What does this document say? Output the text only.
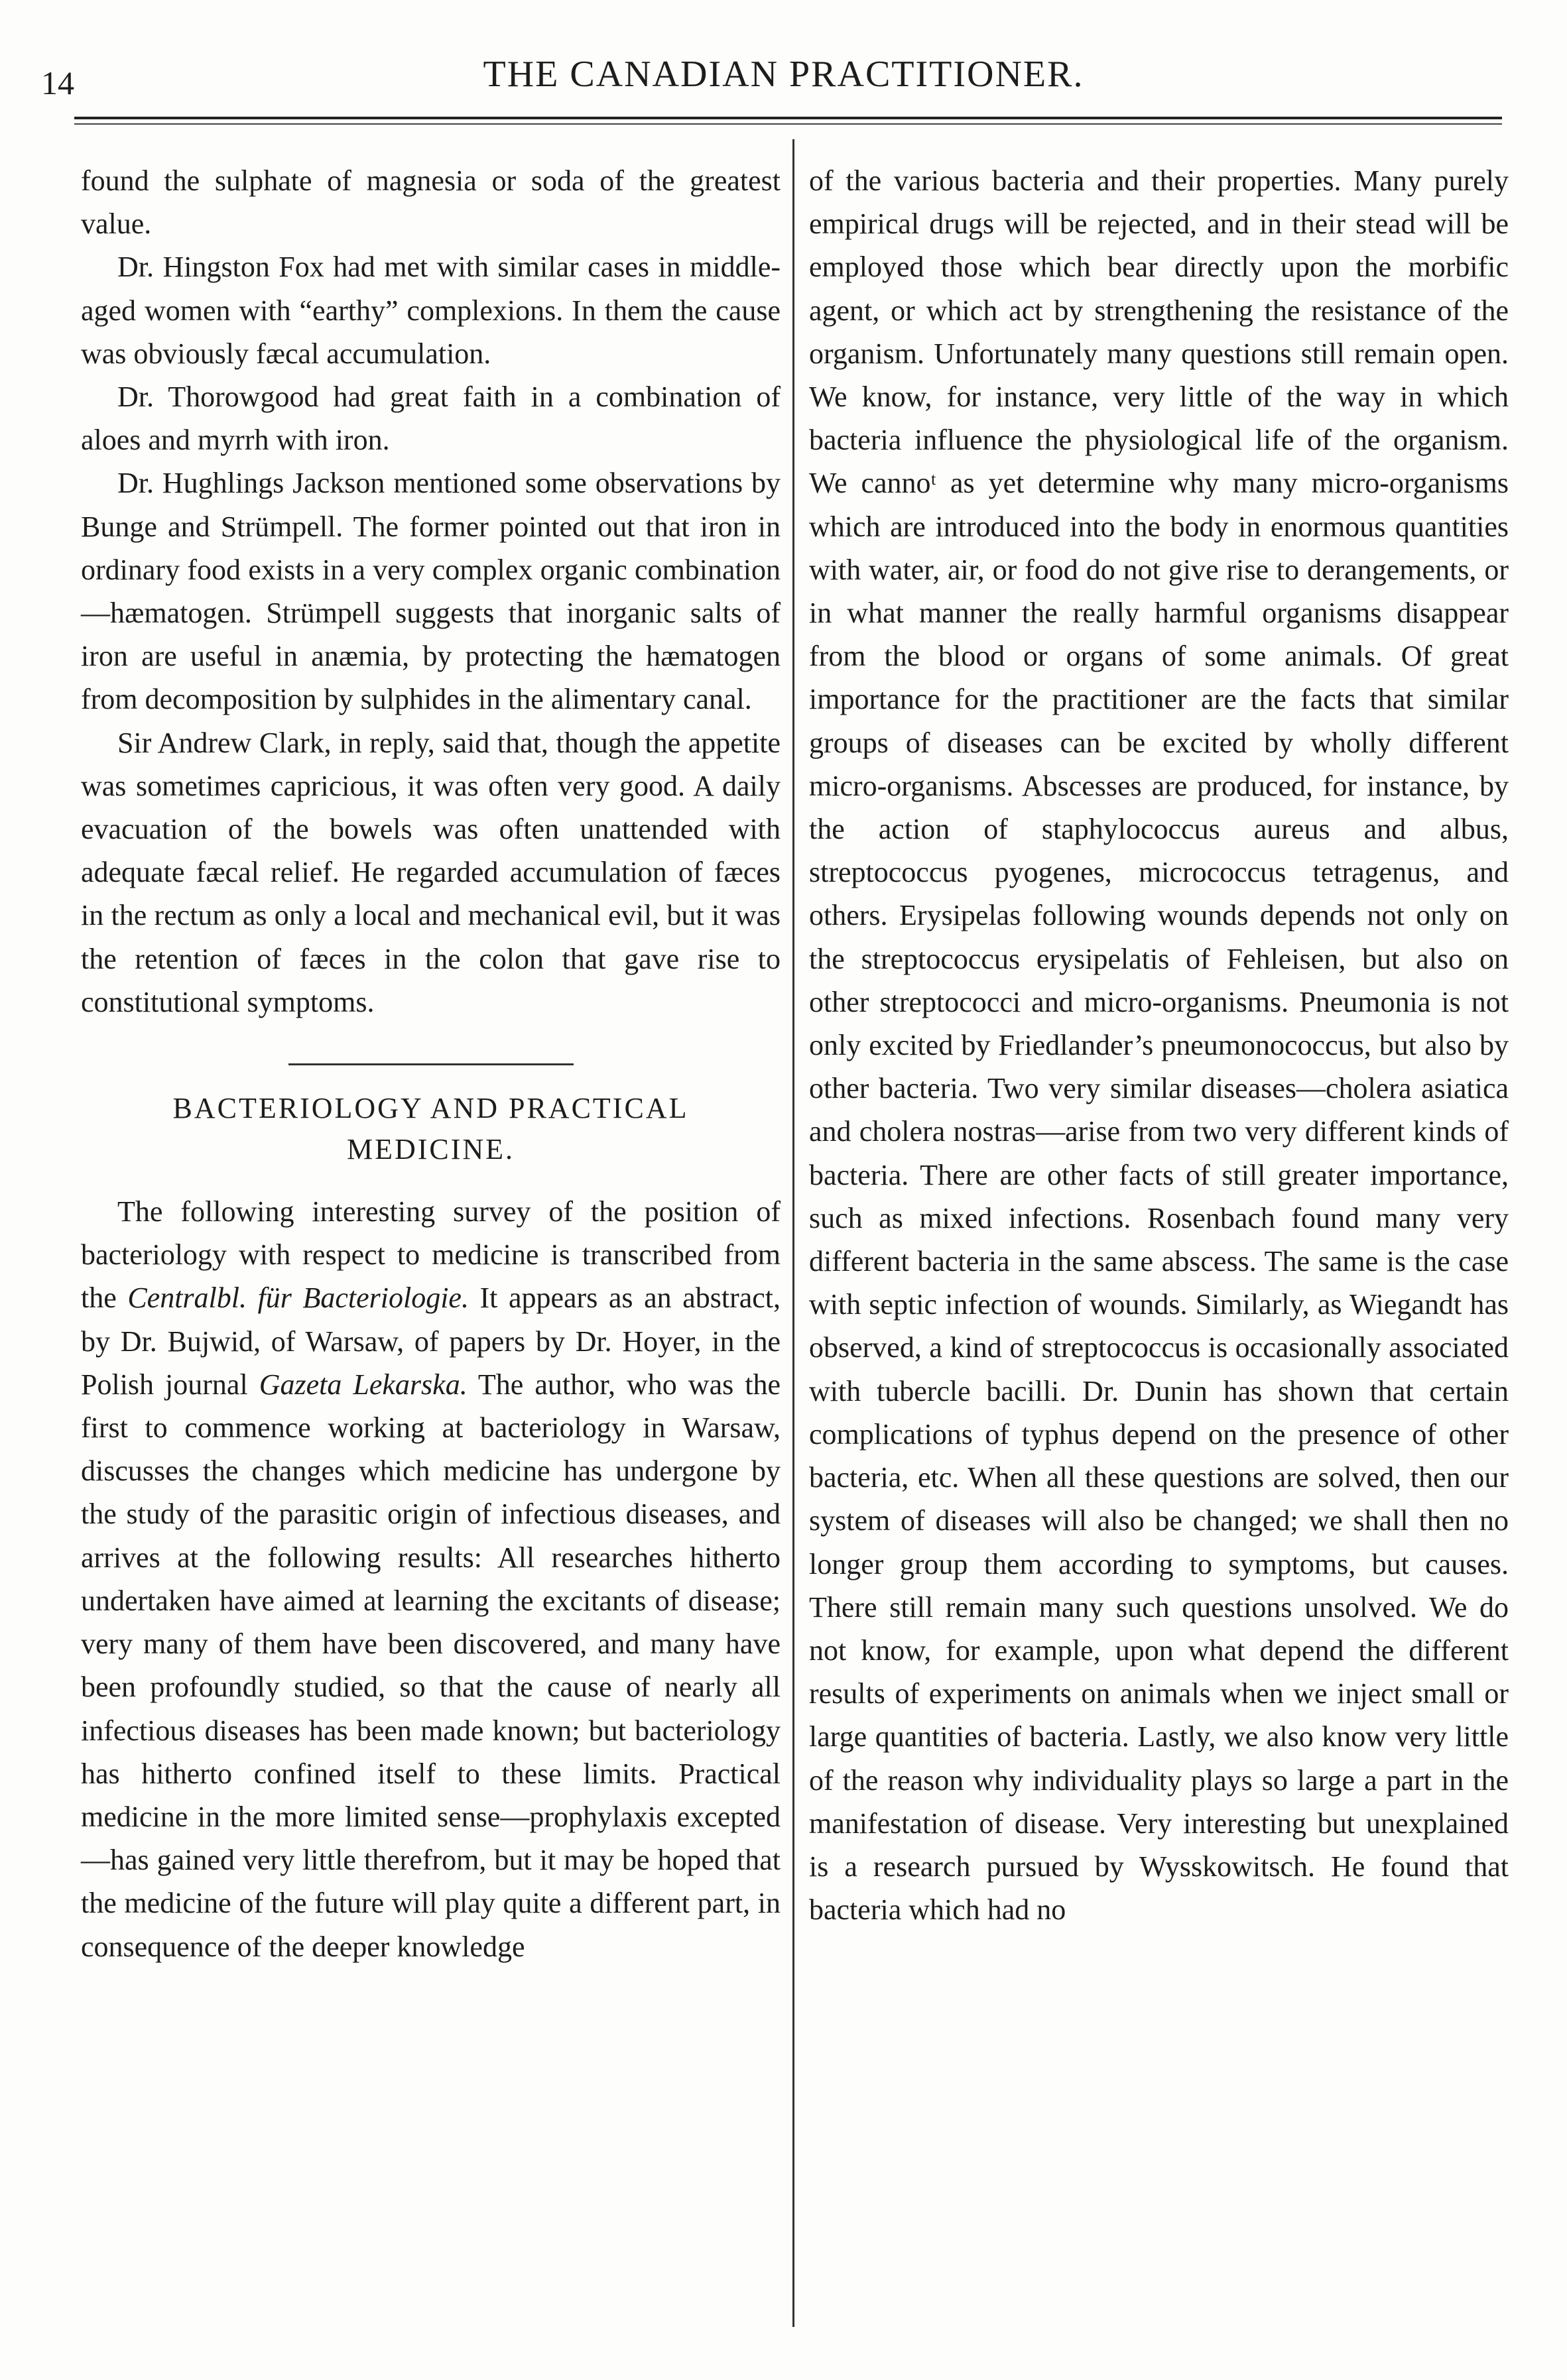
14	THE CANADIAN PRACTITIONER.

found the sulphate of magnesia or soda of the greatest value.

Dr. Hingston Fox had met with similar cases in middle-aged women with “earthy” complexions. In them the cause was obviously fæcal accumulation.

Dr. Thorowgood had great faith in a combination of aloes and myrrh with iron.

Dr. Hughlings Jackson mentioned some observations by Bunge and Strümpell. The former pointed out that iron in ordinary food exists in a very complex organic combination—hæmatogen. Strümpell suggests that inorganic salts of iron are useful in anæmia, by protecting the hæmatogen from decomposition by sulphides in the alimentary canal.

Sir Andrew Clark, in reply, said that, though the appetite was sometimes capricious, it was often very good. A daily evacuation of the bowels was often unattended with adequate fæcal relief. He regarded accumulation of fæces in the rectum as only a local and mechanical evil, but it was the retention of fæces in the colon that gave rise to constitutional symptoms.

BACTERIOLOGY AND PRACTICAL
MEDICINE.

The following interesting survey of the position of bacteriology with respect to medicine is transcribed from the Centralbl. für Bacteriologie. It appears as an abstract, by Dr. Bujwid, of Warsaw, of papers by Dr. Hoyer, in the Polish journal Gazeta Lekarska. The author, who was the first to commence working at bacteriology in Warsaw, discusses the changes which medicine has undergone by the study of the parasitic origin of infectious diseases, and arrives at the following results: All researches hitherto undertaken have aimed at learning the excitants of disease; very many of them have been discovered, and many have been profoundly studied, so that the cause of nearly all infectious diseases has been made known; but bacteriology has hitherto confined itself to these limits. Practical medicine in the more limited sense—prophylaxis excepted—has gained very little therefrom, but it may be hoped that the medicine of the future will play quite a different part, in consequence of the deeper knowledge

of the various bacteria and their properties. Many purely empirical drugs will be rejected, and in their stead will be employed those which bear directly upon the morbific agent, or which act by strengthening the resistance of the organism. Unfortunately many questions still remain open. We know, for instance, very little of the way in which bacteria influence the physiological life of the organism. We cannoᵗ as yet determine why many micro-organisms which are introduced into the body in enormous quantities with water, air, or food do not give rise to derangements, or in what manner the really harmful organisms disappear from the blood or organs of some animals. Of great importance for the practitioner are the facts that similar groups of diseases can be excited by wholly different micro-organisms. Abscesses are produced, for instance, by the action of staphylococcus aureus and albus, streptococcus pyogenes, micrococcus tetragenus, and others. Erysipelas following wounds depends not only on the streptococcus erysipelatis of Fehleisen, but also on other streptococci and micro-organisms. Pneumonia is not only excited by Friedlander’s pneumonococcus, but also by other bacteria. Two very similar diseases—cholera asiatica and cholera nostras—arise from two very different kinds of bacteria. There are other facts of still greater importance, such as mixed infections. Rosenbach found many very different bacteria in the same abscess. The same is the case with septic infection of wounds. Similarly, as Wiegandt has observed, a kind of streptococcus is occasionally associated with tubercle bacilli. Dr. Dunin has shown that certain complications of typhus depend on the presence of other bacteria, etc. When all these questions are solved, then our system of diseases will also be changed; we shall then no longer group them according to symptoms, but causes. There still remain many such questions unsolved. We do not know, for example, upon what depend the different results of experiments on animals when we inject small or large quantities of bacteria. Lastly, we also know very little of the reason why individuality plays so large a part in the manifestation of disease. Very interesting but unexplained is a research pursued by Wysskowitsch. He found that bacteria which had no
